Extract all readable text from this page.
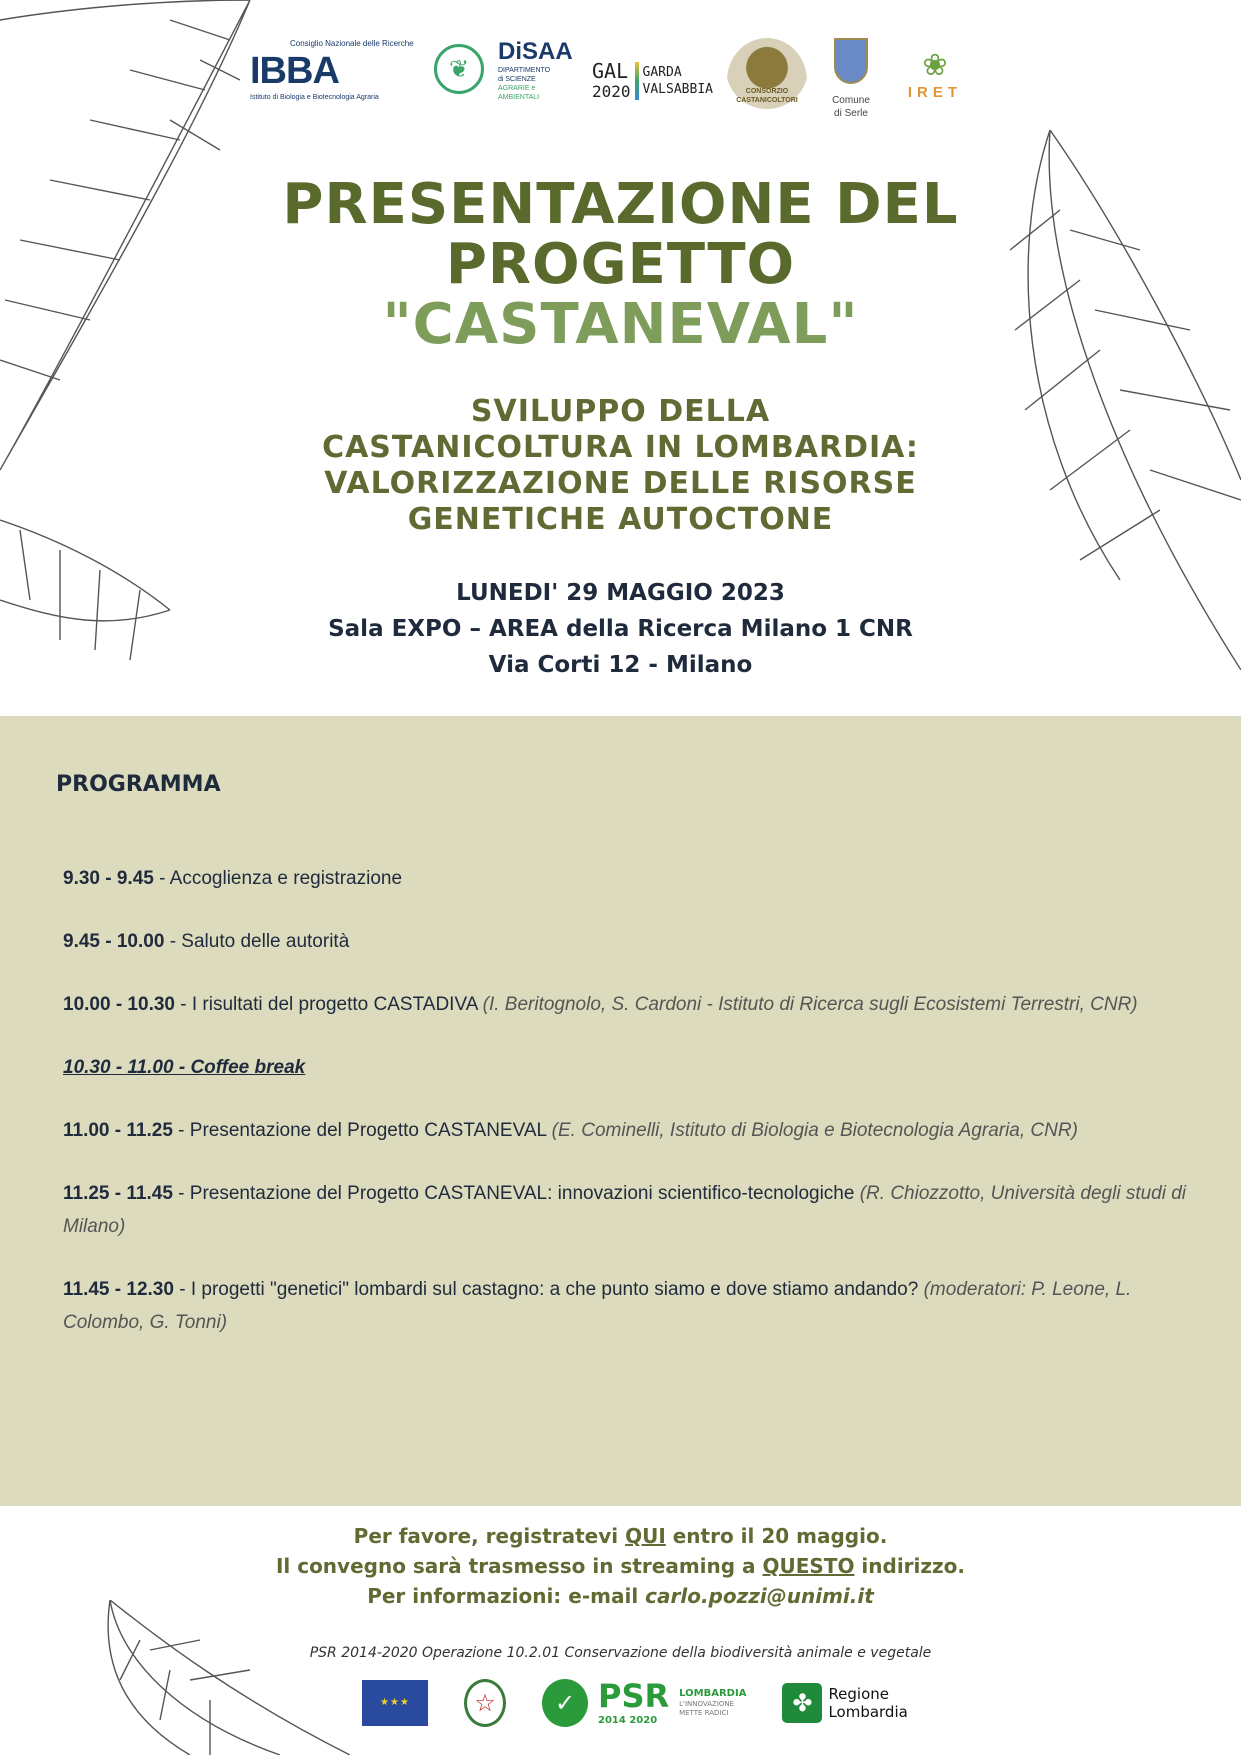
Consiglio Nazionale delle Ricerche
IBBA
Istituto di Biologia e Biotecnologia Agraria
❦
DiSAA
DIPARTIMENTO
di SCIENZE
AGRARIE e
AMBIENTALI
GAL
2020
GARDA
VALSABBIA	CONSORZIO CASTANICOLTORI	Comune
di Serle
❀
IRET
PRESENTAZIONE DEL
PROGETTO
"CASTANEVAL"
SVILUPPO DELLA
CASTANICOLTURA IN LOMBARDIA:
VALORIZZAZIONE DELLE RISORSE
GENETICHE AUTOCTONE
LUNEDI' 29 MAGGIO 2023
Sala EXPO – AREA della Ricerca Milano 1 CNR
Via Corti 12 - Milano
PROGRAMMA
9.30 - 9.45 - Accoglienza e registrazione
9.45 - 10.00 - Saluto delle autorità
10.00 - 10.30 - I risultati del progetto CASTADIVA (I. Beritognolo, S. Cardoni - Istituto di Ricerca sugli Ecosistemi Terrestri, CNR)
10.30 - 11.00 - Coffee break
11.00 - 11.25 - Presentazione del Progetto CASTANEVAL (E. Cominelli, Istituto di Biologia e Biotecnologia Agraria, CNR)
11.25 - 11.45 - Presentazione del Progetto CASTANEVAL: innovazioni scientifico-tecnologiche (R. Chiozzotto, Università degli studi di Milano)
11.45 - 12.30 - I progetti "genetici" lombardi sul castagno: a che punto siamo e dove stiamo andando? (moderatori: P. Leone, L. Colombo, G. Tonni)
Per favore, registratevi QUI entro il 20 maggio.
Il convegno sarà trasmesso in streaming a QUESTO indirizzo.
Per informazioni: e-mail carlo.pozzi@unimi.it
PSR 2014-2020 Operazione 10.2.01 Conservazione della biodiversità animale e vegetale
★★★	☆	✓ PSR
2014 2020
LOMBARDIA
L'INNOVAZIONE
METTE RADICI	✤	Regione
Lombardia
